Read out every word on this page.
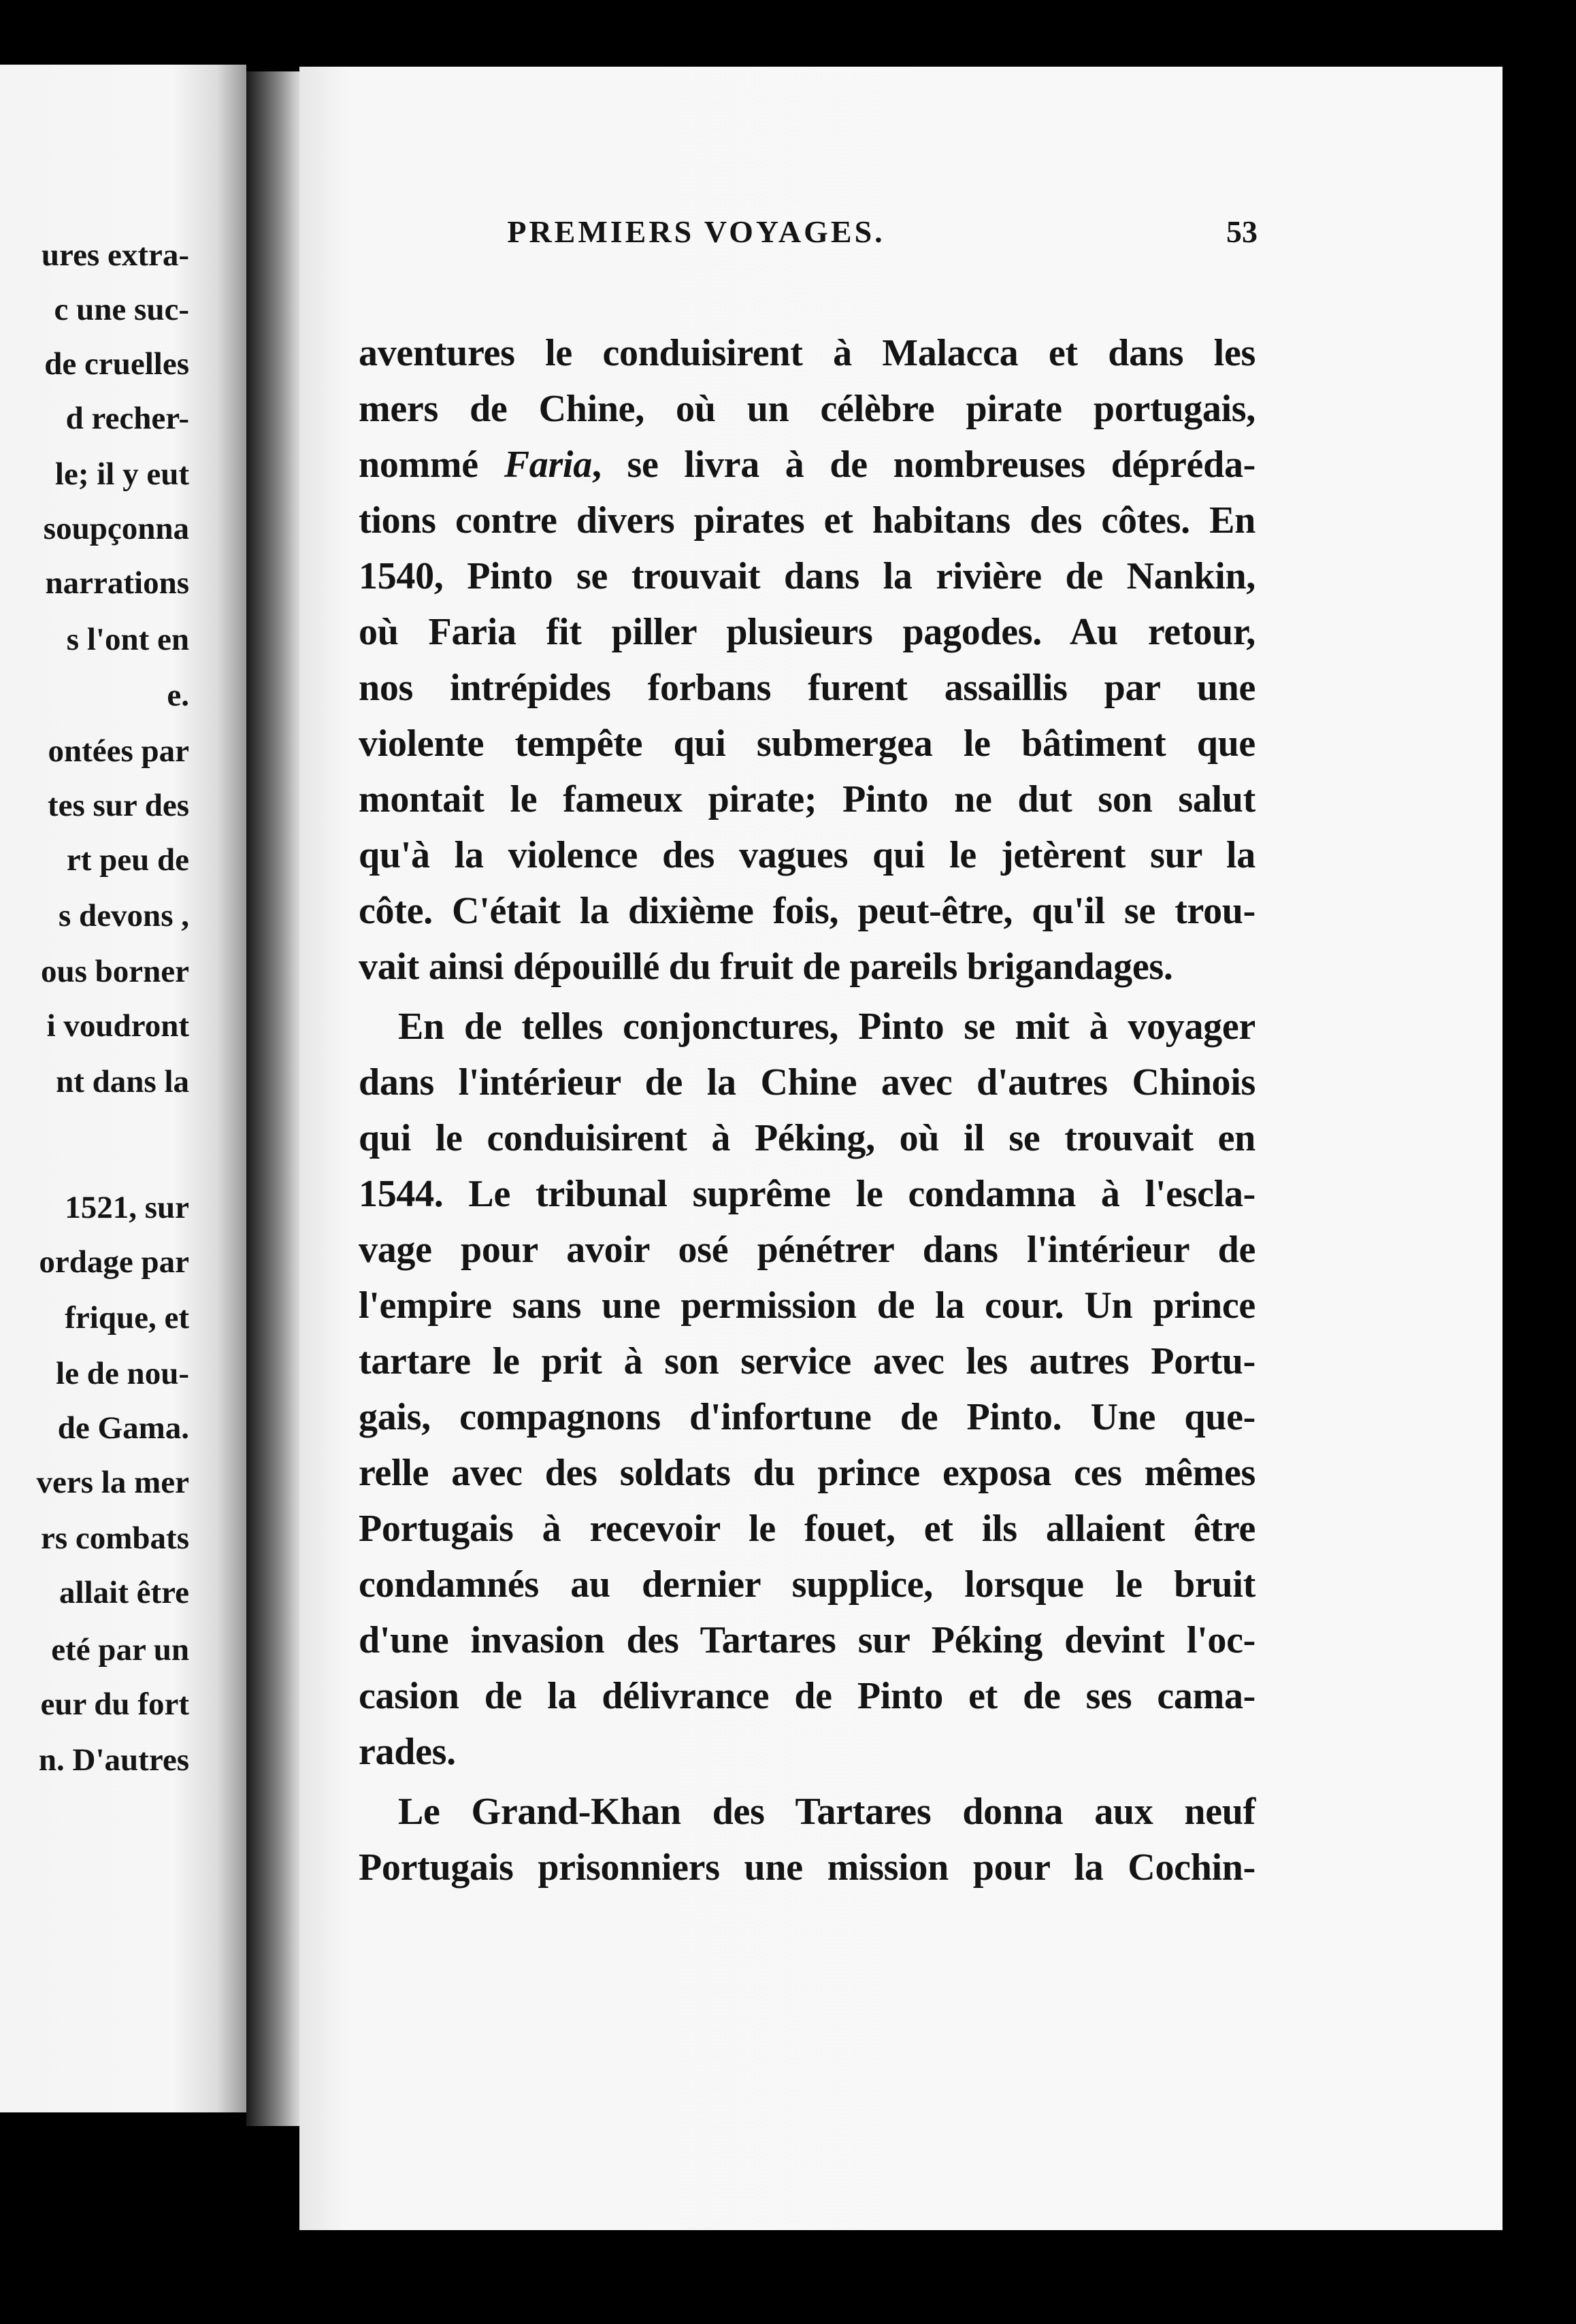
ures extra-
c une suc-
de cruelles
d recher-
le; il y eut
soupçonna
narrations
s l'ont en
e.
ontées par
tes sur des
rt peu de
s devons ,
ous borner
i voudront
nt dans la
1521, sur
ordage par
frique, et
le de nou-
de Gama.
vers la mer
rs combats
allait être
eté par un
eur du fort
n. D'autres
PREMIERS VOYAGES.	53
aventures le conduisirent à Malacca et dans les
mers de Chine, où un célèbre pirate portugais,
nommé Faria, se livra à de nombreuses dépréda-
tions contre divers pirates et habitans des côtes. En
1540, Pinto se trouvait dans la rivière de Nankin,
où Faria fit piller plusieurs pagodes. Au retour,
nos intrépides forbans furent assaillis par une
violente tempête qui submergea le bâtiment que
montait le fameux pirate; Pinto ne dut son salut
qu'à la violence des vagues qui le jetèrent sur la
côte. C'était la dixième fois, peut-être, qu'il se trou-
vait ainsi dépouillé du fruit de pareils brigandages.
En de telles conjonctures, Pinto se mit à voyager
dans l'intérieur de la Chine avec d'autres Chinois
qui le conduisirent à Péking, où il se trouvait en
1544. Le tribunal suprême le condamna à l'escla-
vage pour avoir osé pénétrer dans l'intérieur de
l'empire sans une permission de la cour. Un prince
tartare le prit à son service avec les autres Portu-
gais, compagnons d'infortune de Pinto. Une que-
relle avec des soldats du prince exposa ces mêmes
Portugais à recevoir le fouet, et ils allaient être
condamnés au dernier supplice, lorsque le bruit
d'une invasion des Tartares sur Péking devint l'oc-
casion de la délivrance de Pinto et de ses cama-
rades.
Le Grand-Khan des Tartares donna aux neuf
Portugais prisonniers une mission pour la Cochin-
